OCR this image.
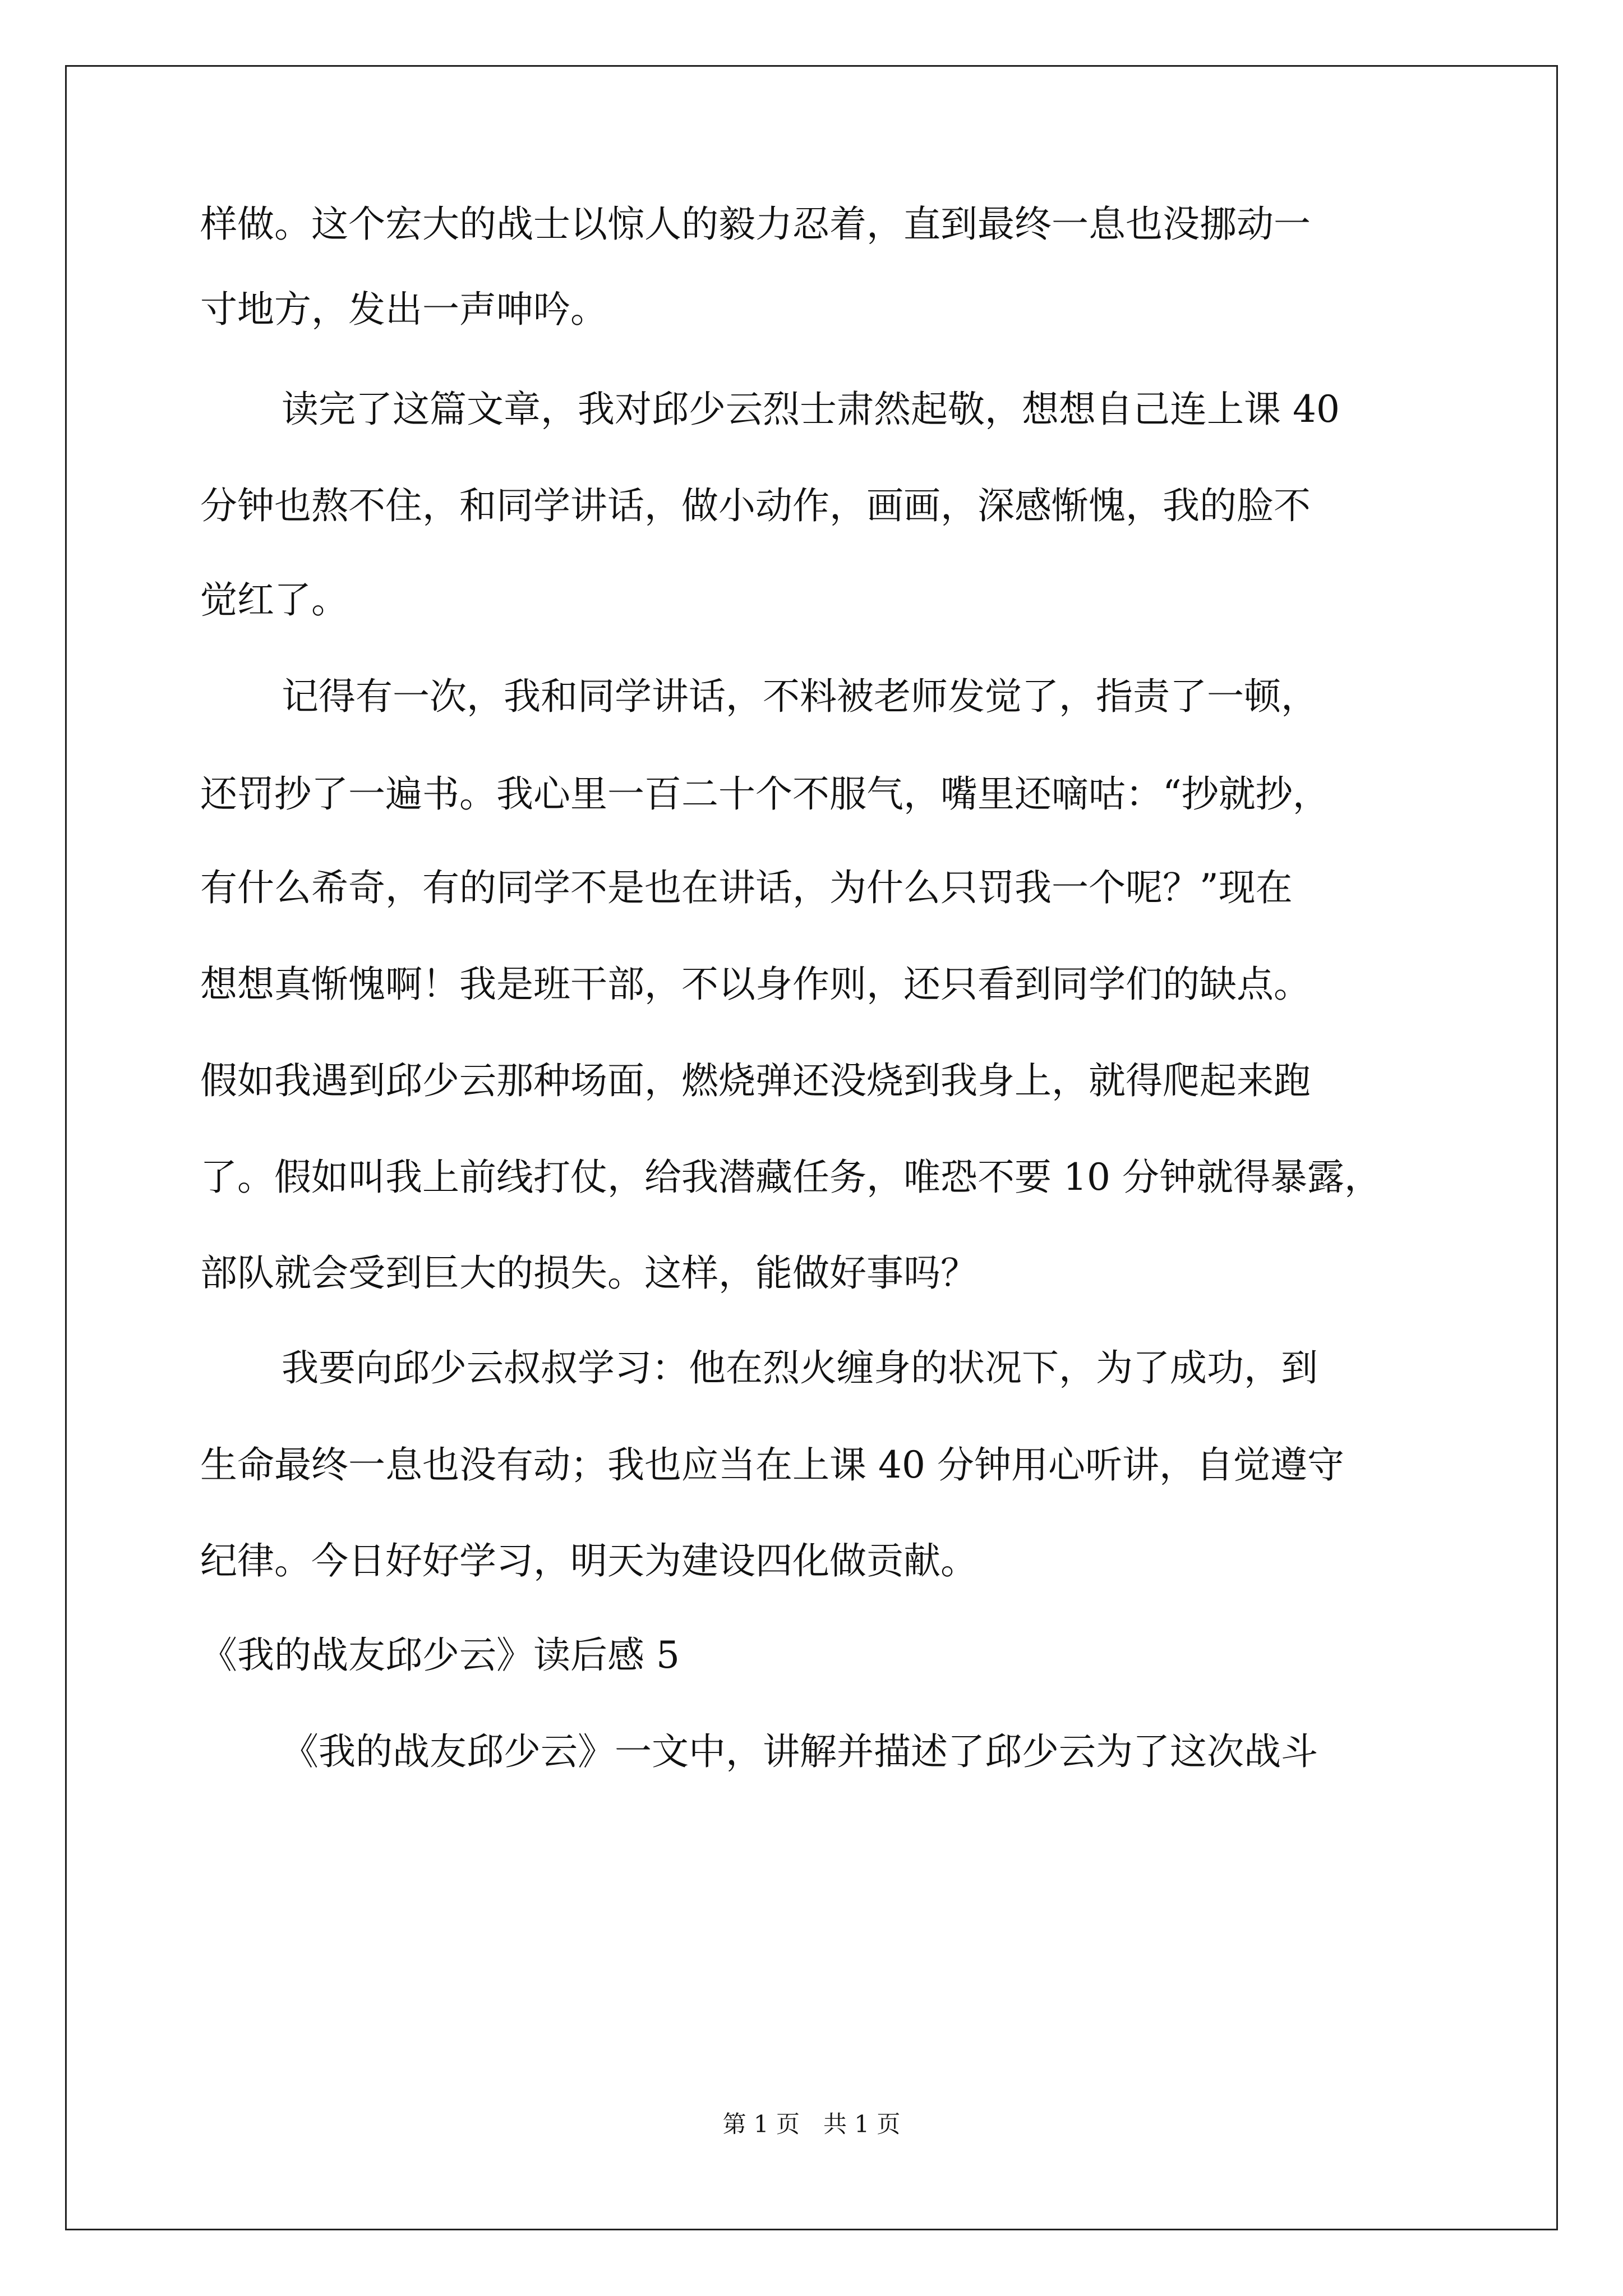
样做。这个宏大的战士以惊人的毅力忍着，直到最终一息也没挪动一
寸地方，发出一声呻吟。
读完了这篇文章，我对邱少云烈士肃然起敬，想想自己连上课 40
分钟也熬不住，和同学讲话，做小动作，画画，深感惭愧，我的脸不
觉红了。
记得有一次，我和同学讲话，不料被老师发觉了，指责了一顿，
还罚抄了一遍书。我心里一百二十个不服气，嘴里还嘀咕：“抄就抄，
有什么希奇，有的同学不是也在讲话，为什么只罚我一个呢？”现在
想想真惭愧啊！我是班干部，不以身作则，还只看到同学们的缺点。
假如我遇到邱少云那种场面，燃烧弹还没烧到我身上，就得爬起来跑
了。假如叫我上前线打仗，给我潜藏任务，唯恐不要 10 分钟就得暴露，
部队就会受到巨大的损失。这样，能做好事吗？
我要向邱少云叔叔学习：他在烈火缠身的状况下，为了成功，到
生命最终一息也没有动；我也应当在上课 40 分钟用心听讲，自觉遵守
纪律。今日好好学习，明天为建设四化做贡献。
《我的战友邱少云》读后感 5
《我的战友邱少云》一文中，讲解并描述了邱少云为了这次战斗
第 1 页　共 1 页
